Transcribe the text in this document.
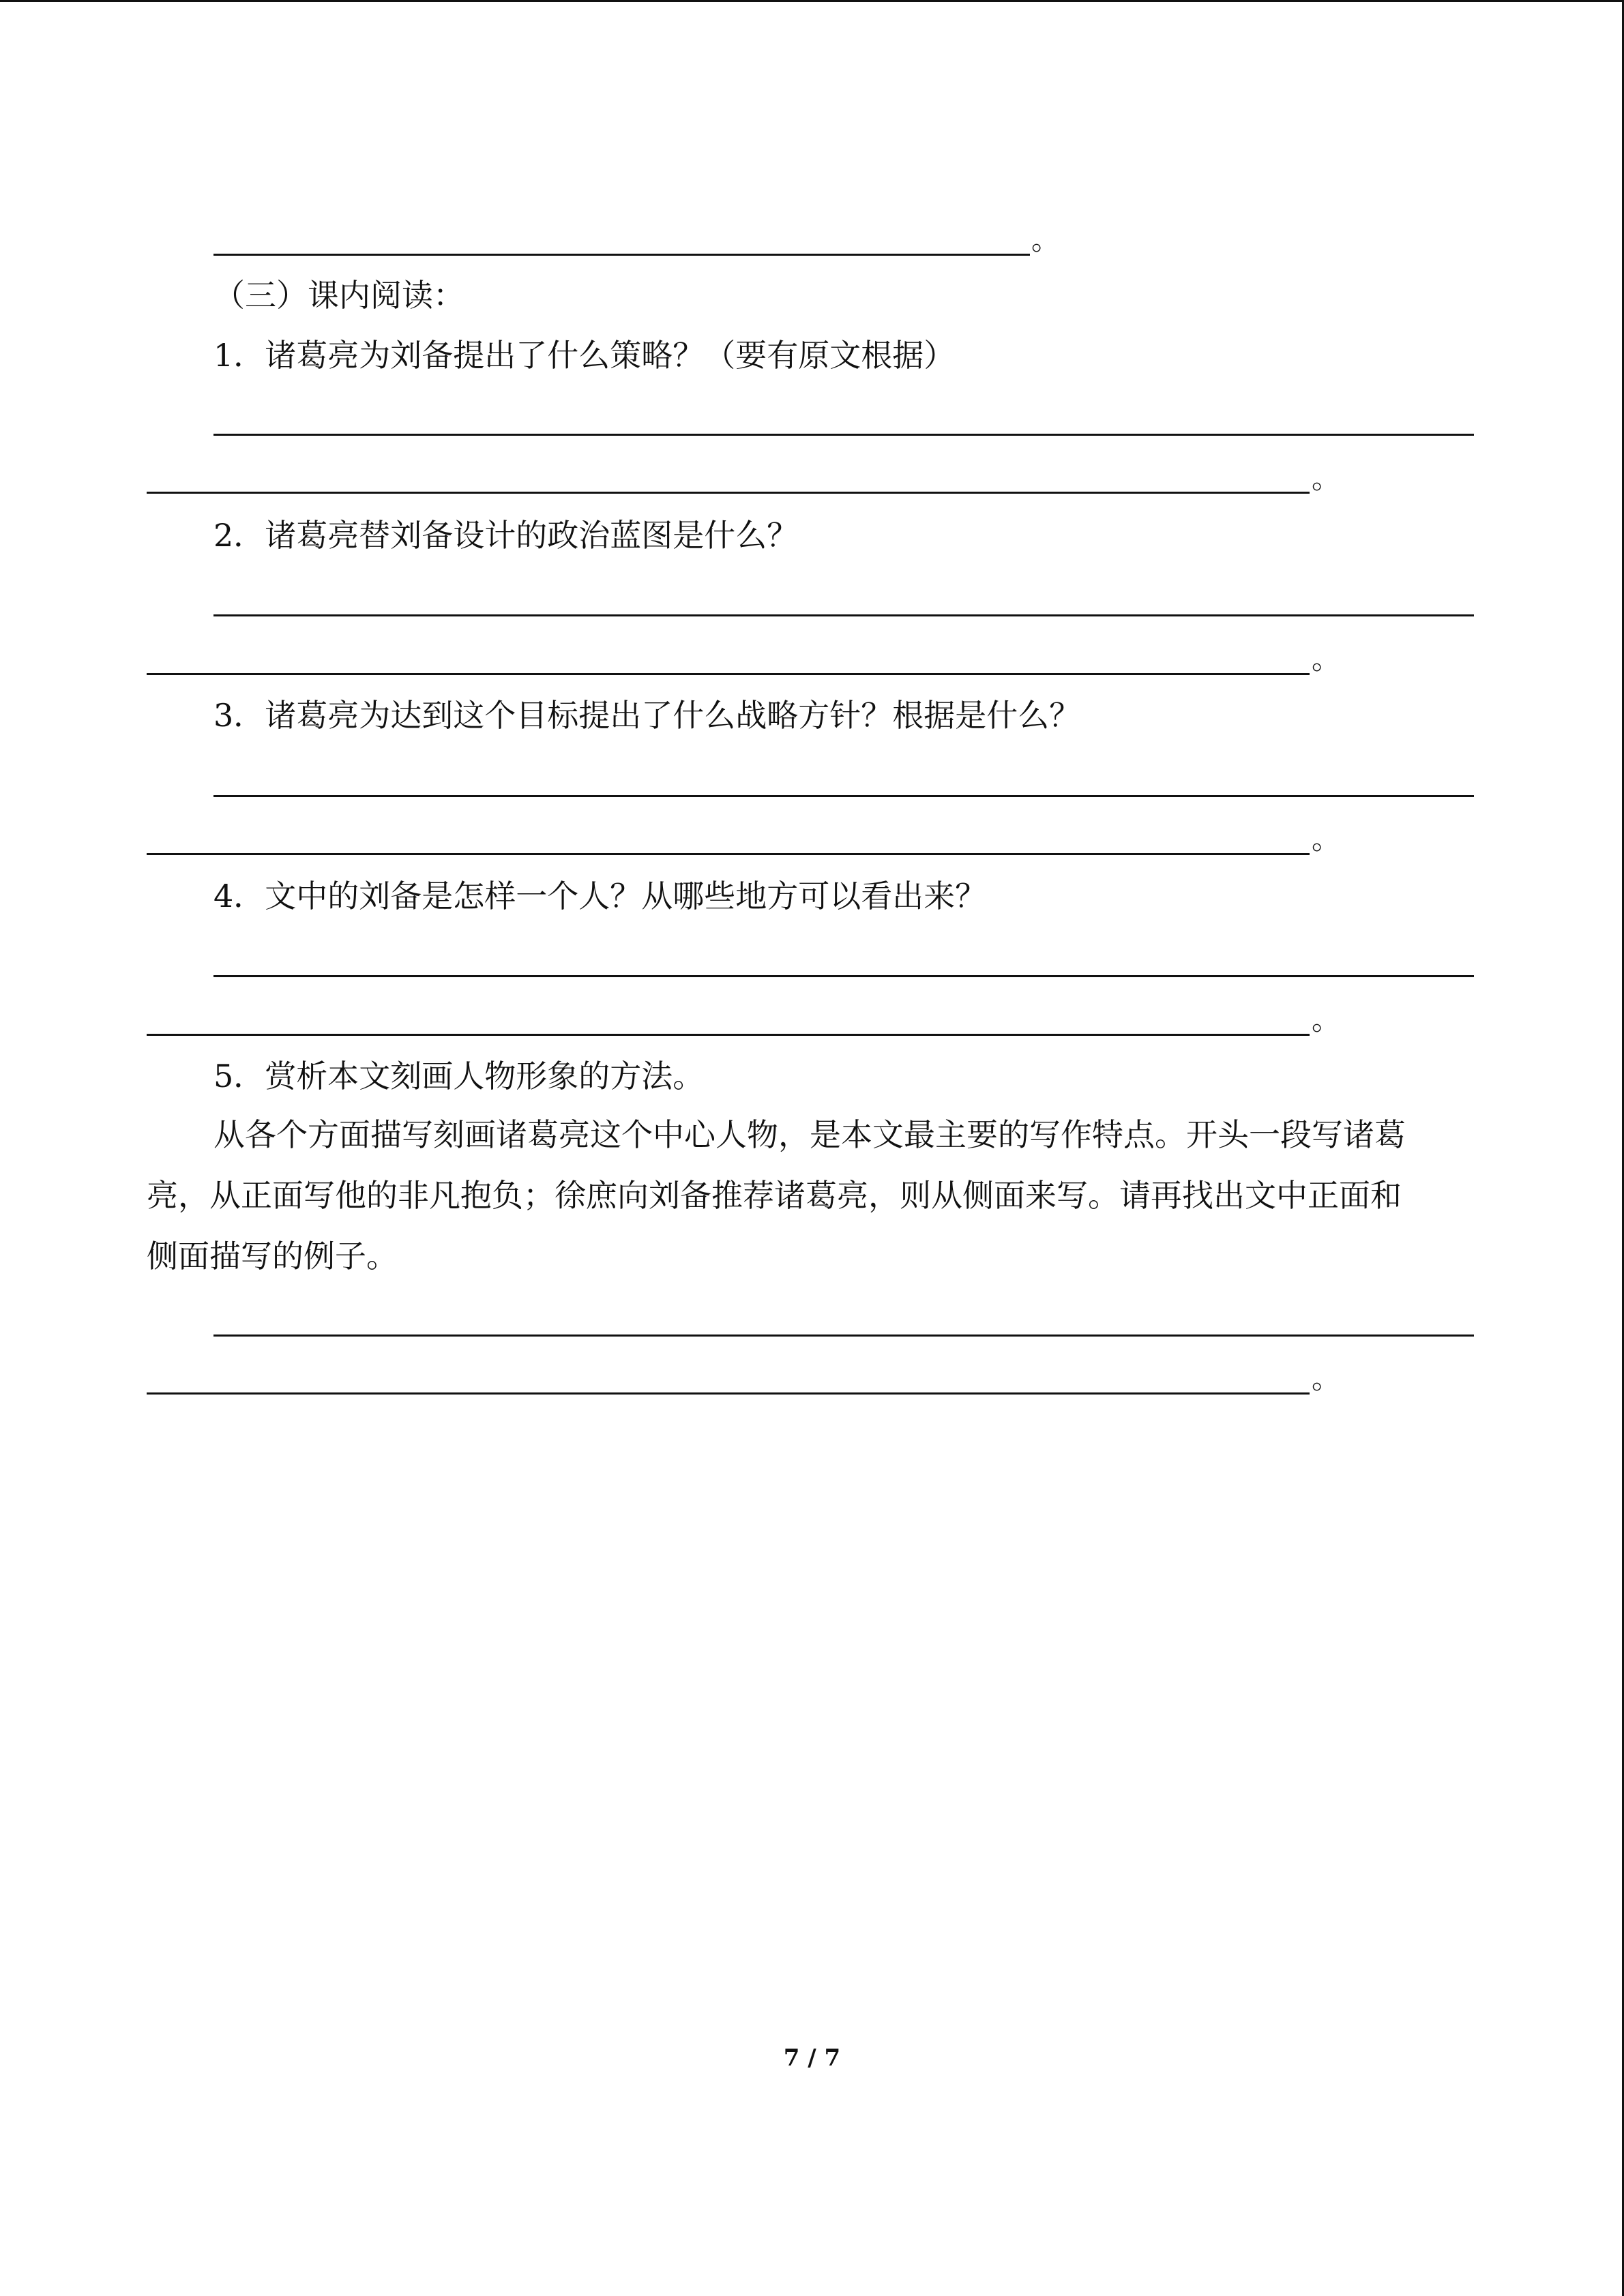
。

（三）课内阅读：

1．诸葛亮为刘备提出了什么策略？（要有原文根据）

。

2．诸葛亮替刘备设计的政治蓝图是什么？

。

3．诸葛亮为达到这个目标提出了什么战略方针？根据是什么？

。

4．文中的刘备是怎样一个人？从哪些地方可以看出来？

。

5．赏析本文刻画人物形象的方法。

从各个方面描写刻画诸葛亮这个中心人物，是本文最主要的写作特点。开头一段写诸葛

亮，从正面写他的非凡抱负；徐庶向刘备推荐诸葛亮，则从侧面来写。请再找出文中正面和

侧面描写的例子。

。
7 / 7
